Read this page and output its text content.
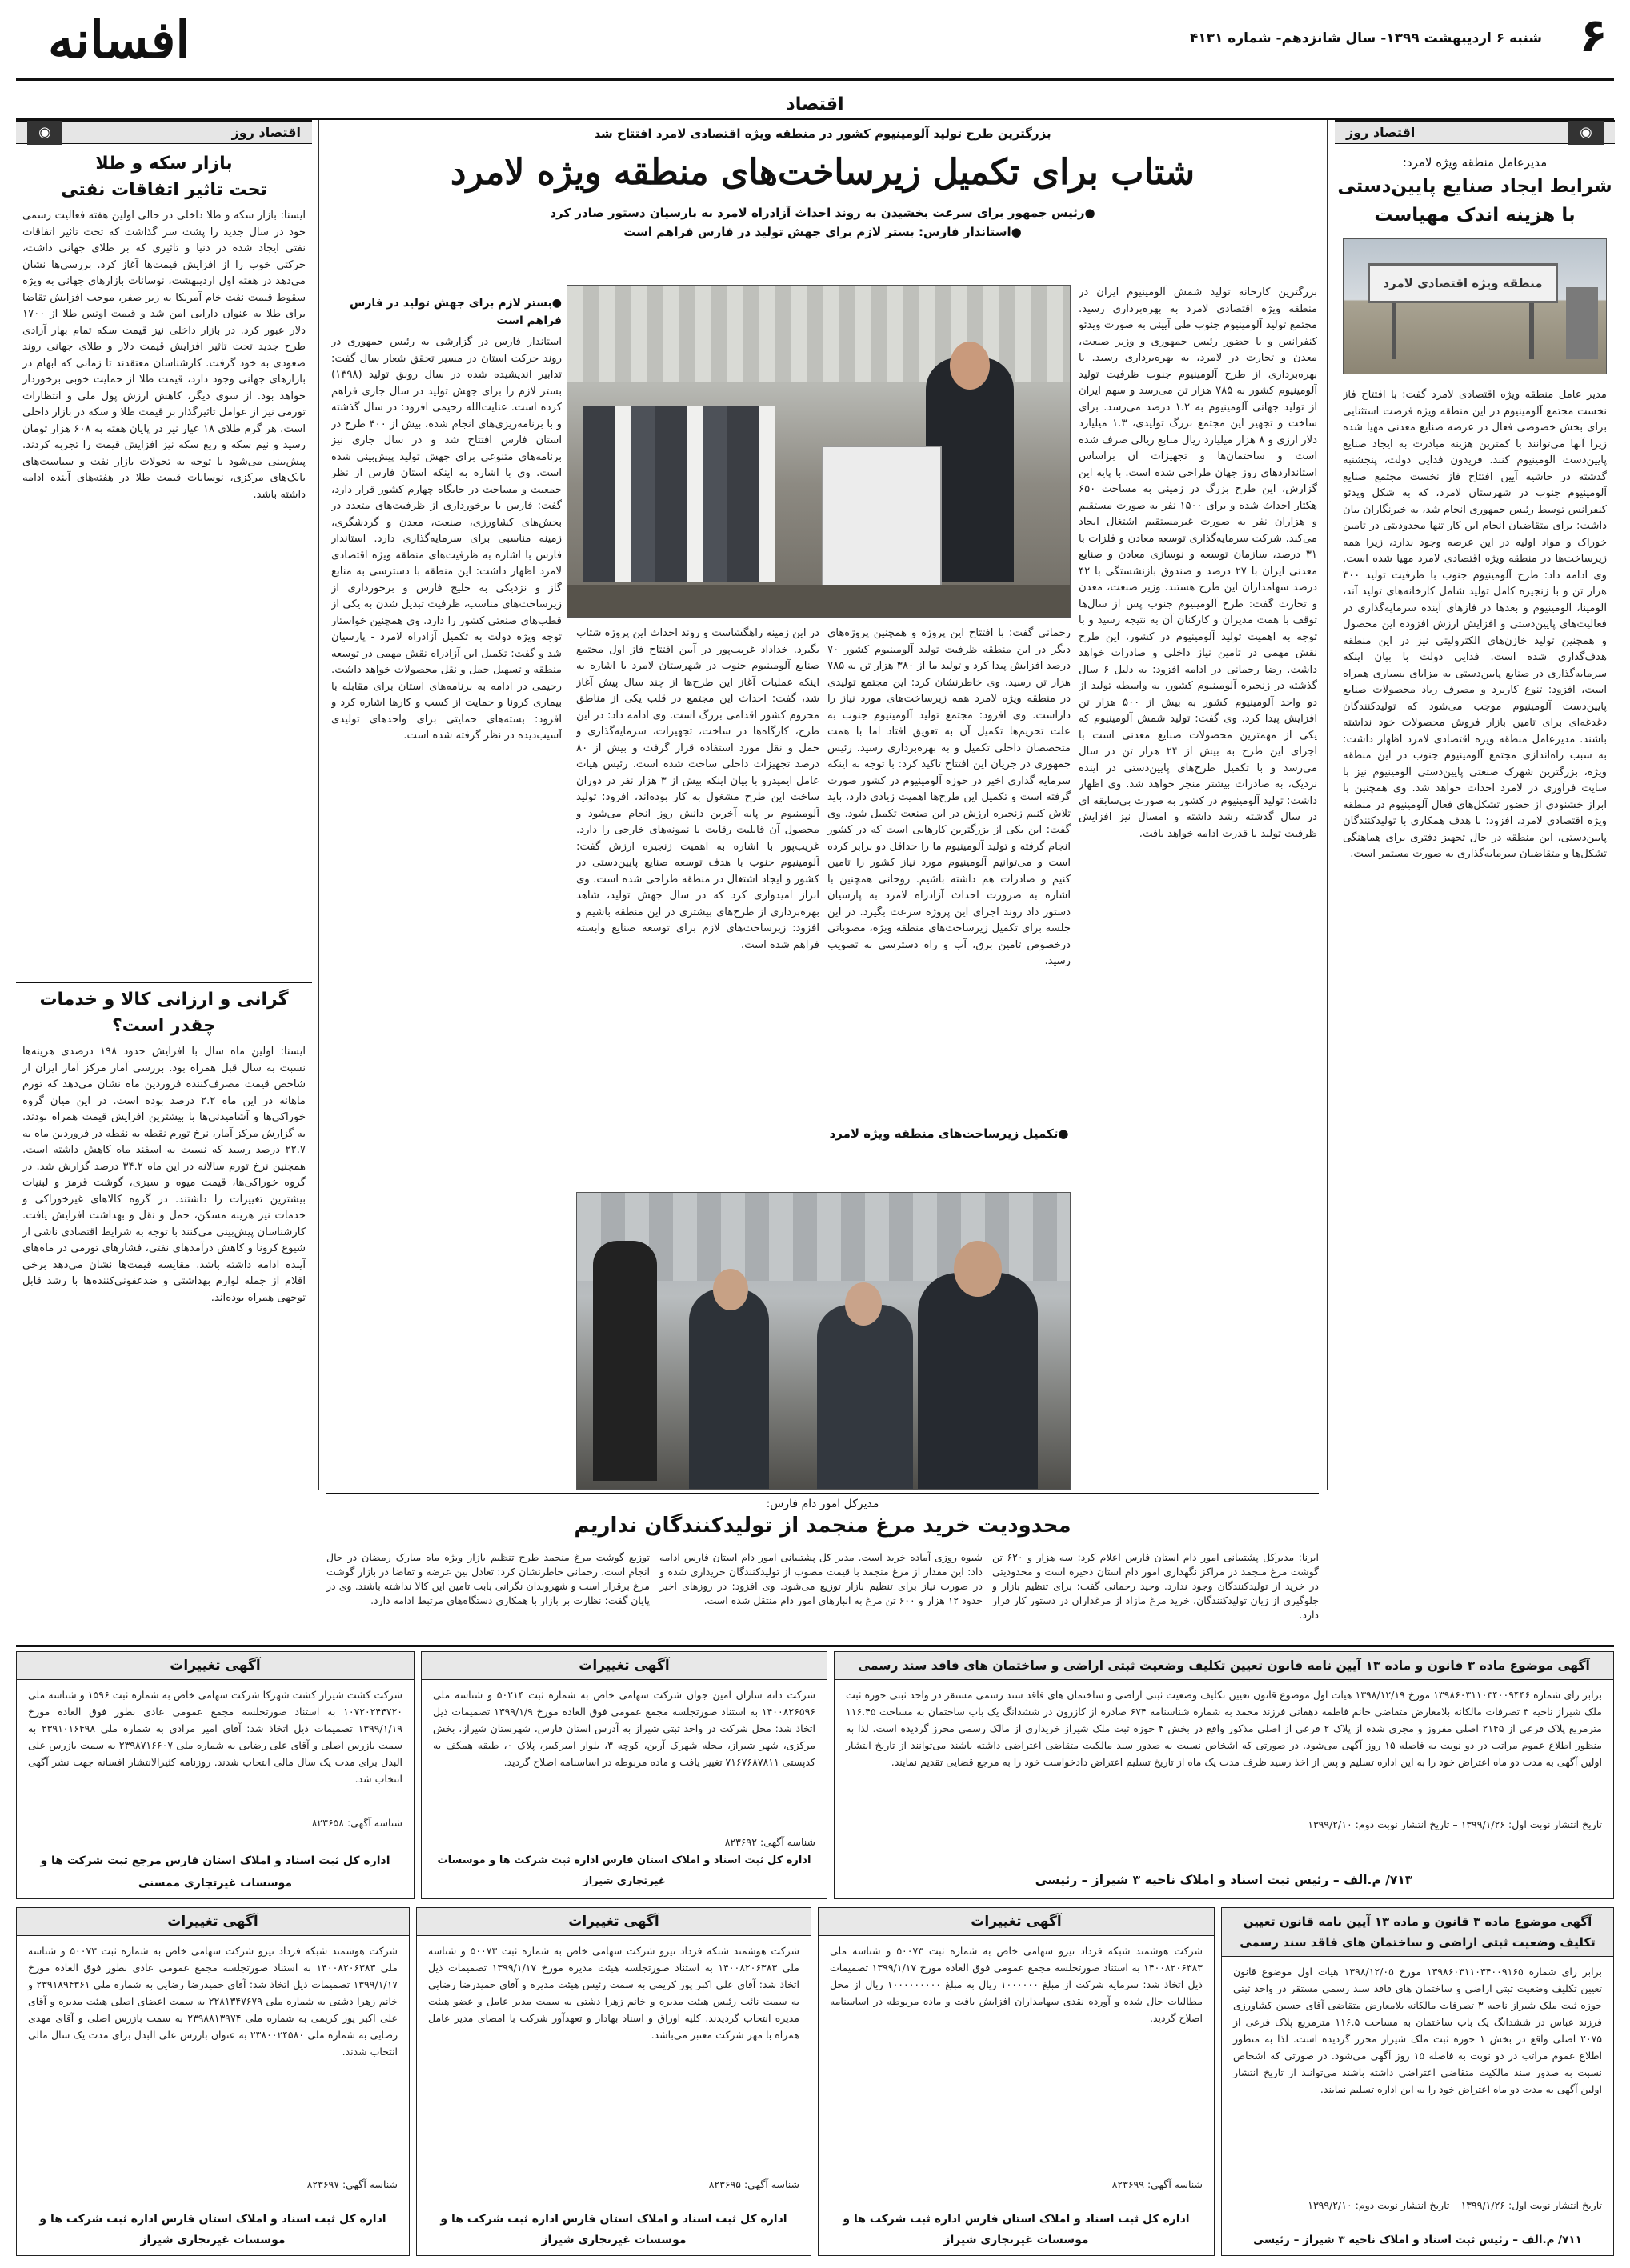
۶
شنبه ۶ اردیبهشت ۱۳۹۹- سال شانزدهم- شماره ۴۱۳۱
اقتصاد
افسانه
◉
اقتصاد روز
مدیرعامل منطقه ویژه لامرد:
شرایط ایجاد صنایع پایین‌دستی
با هزینه اندک مهیاست
منطقه ویژه اقتصادی لامرد
مدیر عامل منطقه ویژه اقتصادی لامرد گفت: با افتتاح فاز نخست مجتمع آلومینیوم در این منطقه ویژه فرصت استثنایی برای بخش خصوصی فعال در عرصه صنایع معدنی مهیا شده زیرا آنها می‌توانند با کمترین هزینه مبادرت به ایجاد صنایع پایین‌دست آلومینیوم کنند. فریدون فدایی دولت، پنجشنبه گذشته در حاشیه آیین افتتاح فاز نخست مجتمع صنایع آلومینیوم جنوب در شهرستان لامرد، که به شکل ویدئو کنفرانس توسط رئیس جمهوری انجام شد، به خبرنگاران بیان داشت: برای متقاضیان انجام این کار تنها محدودیتی در تامین خوراک و مواد اولیه در این عرصه وجود ندارد، زیرا همه زیرساخت‌ها در منطقه ویژه اقتصادی لامرد مهیا شده است. وی ادامه داد: طرح آلومینیوم جنوب با ظرفیت تولید ۳۰۰ هزار تن و با زنجیره کامل تولید شامل کارخانه‌های تولید آند، آلومینا، آلومینیوم و بعدها در فازهای آینده سرمایه‌گذاری در فعالیت‌های پایین‌دستی و افزایش ارزش افزوده این محصول و همچنین تولید خازن‌های الکترولیتی نیز در این منطقه هدف‌گذاری شده است. فدایی دولت با بیان اینکه سرمایه‌گذاری در صنایع پایین‌دستی به مزایای بسیاری همراه است، افزود: تنوع کاربرد و مصرف زیاد محصولات صنایع پایین‌دست آلومینیوم موجب می‌شود که تولیدکنندگان دغدغه‌ای برای تامین بازار فروش محصولات خود نداشته باشند. مدیرعامل منطقه ویژه اقتصادی لامرد اظهار داشت: به سبب راه‌اندازی مجتمع آلومینیوم جنوب در این منطقه ویژه، بزرگترین شهرک صنعتی پایین‌دستی آلومینیوم نیز با سایت فرآوری در لامرد احداث خواهد شد. وی همچنین با ابراز خشنودی از حضور تشکل‌های فعال آلومینیوم در منطقه ویژه اقتصادی لامرد، افزود: با هدف همکاری با تولیدکنندگان پایین‌دستی، این منطقه در حال تجهیز دفتری برای هماهنگی تشکل‌ها و متقاضیان سرمایه‌گذاری به صورت مستمر است.
اقتصاد روز
◉
بازار سکه و طلا
تحت تاثیر اتفاقات نفتی
ایسنا: بازار سکه و طلا داخلی در حالی اولین هفته فعالیت رسمی خود در سال جدید را پشت سر گذاشت که تحت تاثیر اتفاقات نفتی ایجاد شده در دنیا و تاثیری که بر طلای جهانی داشت، حرکتی خوب را از افزایش قیمت‌ها آغاز کرد. بررسی‌ها نشان می‌دهد در هفته اول اردیبهشت، نوسانات بازارهای جهانی به ویژه سقوط قیمت نفت خام آمریکا به زیر صفر، موجب افزایش تقاضا برای طلا به عنوان دارایی امن شد و قیمت اونس طلا از ۱۷۰۰ دلار عبور کرد. در بازار داخلی نیز قیمت سکه تمام بهار آزادی طرح جدید تحت تاثیر افزایش قیمت دلار و طلای جهانی روند صعودی به خود گرفت. کارشناسان معتقدند تا زمانی که ابهام در بازارهای جهانی وجود دارد، قیمت طلا از حمایت خوبی برخوردار خواهد بود. از سوی دیگر، کاهش ارزش پول ملی و انتظارات تورمی نیز از عوامل تاثیرگذار بر قیمت طلا و سکه در بازار داخلی است. هر گرم طلای ۱۸ عیار نیز در پایان هفته به ۶۰۸ هزار تومان رسید و نیم سکه و ربع سکه نیز افزایش قیمت را تجربه کردند. پیش‌بینی می‌شود با توجه به تحولات بازار نفت و سیاست‌های بانک‌های مرکزی، نوسانات قیمت طلا در هفته‌های آینده ادامه داشته باشد.
گرانی و ارزانی کالا و خدمات
چقدر است؟
ایسنا: اولین ماه سال با افزایش حدود ۱۹۸ درصدی هزینه‌ها نسبت به سال قبل همراه بود. بررسی آمار مرکز آمار ایران از شاخص قیمت مصرف‌کننده فروردین ماه نشان می‌دهد که تورم ماهانه در این ماه ۲.۲ درصد بوده است. در این میان گروه خوراکی‌ها و آشامیدنی‌ها با بیشترین افزایش قیمت همراه بودند. به گزارش مرکز آمار، نرخ تورم نقطه به نقطه در فروردین ماه به ۲۲.۷ درصد رسید که نسبت به اسفند ماه کاهش داشته است. همچنین نرخ تورم سالانه در این ماه ۳۴.۲ درصد گزارش شد. در گروه خوراکی‌ها، قیمت میوه و سبزی، گوشت قرمز و لبنیات بیشترین تغییرات را داشتند. در گروه کالاهای غیرخوراکی و خدمات نیز هزینه مسکن، حمل و نقل و بهداشت افزایش یافت. کارشناسان پیش‌بینی می‌کنند با توجه به شرایط اقتصادی ناشی از شیوع کرونا و کاهش درآمدهای نفتی، فشارهای تورمی در ماه‌های آینده ادامه داشته باشد. مقایسه قیمت‌ها نشان می‌دهد برخی اقلام از جمله لوازم بهداشتی و ضدعفونی‌کننده‌ها با رشد قابل توجهی همراه بوده‌اند.
بزرگترین طرح تولید آلومینیوم کشور در منطقه ویژه اقتصادی لامرد افتتاح شد
شتاب برای تکمیل زیرساخت‌های منطقه ویژه لامرد
●رئیس جمهور برای سرعت بخشیدن به روند احداث آزادراه لامرد به پارسیان دستور صادر کرد
●استاندار فارس: بستر لازم برای جهش تولید در فارس فراهم است
بزرگترین کارخانه تولید شمش آلومینیوم ایران در منطقه ویژه اقتصادی لامرد به بهره‌برداری رسید. مجتمع تولید آلومینیوم جنوب طی آیینی به صورت ویدئو کنفرانس و با حضور رئیس جمهوری و وزیر صنعت، معدن و تجارت در لامرد، به بهره‌برداری رسید. با بهره‌برداری از طرح آلومینیوم جنوب ظرفیت تولید آلومینیوم کشور به ۷۸۵ هزار تن می‌رسد و سهم ایران از تولید جهانی آلومینیوم به ۱.۲ درصد می‌رسد. برای ساخت و تجهیز این مجتمع بزرگ تولیدی، ۱.۳ میلیارد دلار ارزی و ۸ هزار میلیارد ریال منابع ریالی صرف شده است و ساختمان‌ها و تجهیزات آن براساس استانداردهای روز جهان طراحی شده است. با پایه این گزارش، این طرح بزرگ در زمینی به مساحت ۶۵۰ هکتار احداث شده و برای ۱۵۰۰ نفر به صورت مستقیم و هزاران نفر به صورت غیرمستقیم اشتغال ایجاد می‌کند. شرکت سرمایه‌گذاری توسعه معادن و فلزات با ۳۱ درصد، سازمان توسعه و نوسازی معادن و صنایع معدنی ایران با ۲۷ درصد و صندوق بازنشستگی با ۴۲ درصد سهامداران این طرح هستند. وزیر صنعت، معدن و تجارت گفت: طرح آلومینیوم جنوب پس از سال‌ها توقف با همت مدیران و کارکنان آن به نتیجه رسید و با توجه به اهمیت تولید آلومینیوم در کشور، این طرح نقش مهمی در تامین نیاز داخلی و صادرات خواهد داشت. رضا رحمانی در ادامه افزود: به دلیل ۶ سال گذشته در زنجیره آلومینیوم کشور، به واسطه تولید از دو واحد آلومینیوم کشور به بیش از ۵۰۰ هزار تن افزایش پیدا کرد. وی گفت: تولید شمش آلومینیوم که یکی از مهمترین محصولات صنایع معدنی است با اجرای این طرح به بیش از ۲۴ هزار تن در سال می‌رسد و با تکمیل طرح‌های پایین‌دستی در آینده نزدیک، به صادرات بیشتر منجر خواهد شد. وی اظهار داشت: تولید آلومینیوم در کشور به صورت بی‌سابقه ای در سال گذشته رشد داشته و امسال نیز افزایش ظرفیت تولید با قدرت ادامه خواهد یافت.
رحمانی گفت: با افتتاح این پروژه و همچنین پروژه‌های دیگر در این منطقه ظرفیت تولید آلومینیوم کشور ۷۰ درصد افزایش پیدا کرد و تولید ما از ۳۸۰ هزار تن به ۷۸۵ هزار تن رسید. وی خاطرنشان کرد: این مجتمع تولیدی در منطقه ویژه لامرد همه زیرساخت‌های مورد نیاز را داراست. وی افزود: مجتمع تولید آلومینیوم جنوب به علت تحریم‌ها تکمیل آن به تعویق افتاد اما با همت متخصصان داخلی تکمیل و به بهره‌برداری رسید. رئیس جمهوری در جریان این افتتاح تاکید کرد: با توجه به اینکه سرمایه گذاری اخیر در حوزه آلومینیوم در کشور صورت گرفته است و تکمیل این طرح‌ها اهمیت زیادی دارد، باید تلاش کنیم زنجیره ارزش در این صنعت تکمیل شود. وی گفت: این یکی از بزرگترین کارهایی است که در کشور انجام گرفته و تولید آلومینیوم ما را حداقل دو برابر کرده است و می‌توانیم آلومینیوم مورد نیاز کشور را تامین کنیم و صادرات هم داشته باشیم. روحانی همچنین با اشاره به ضرورت احداث آزادراه لامرد به پارسیان دستور داد روند اجرای این پروژه سرعت بگیرد. در این جلسه برای تکمیل زیرساخت‌های منطقه ویژه، مصوباتی درخصوص تامین برق، آب و راه دسترسی به تصویب رسید.
در این زمینه راهگشاست و روند احداث این پروژه شتاب بگیرد. خداداد غریب‌پور در آیین افتتاح فاز اول مجتمع صنایع آلومینیوم جنوب در شهرستان لامرد با اشاره به اینکه عملیات آغاز این طرح‌ها از چند سال پیش آغاز شد، گفت: احداث این مجتمع در قلب یکی از مناطق محروم کشور اقدامی بزرگ است. وی ادامه داد: در این طرح، کارگاه‌ها در ساخت، تجهیزات، سرمایه‌گذاری و حمل و نقل مورد استفاده قرار گرفت و بیش از ۸۰ درصد تجهیزات داخلی ساخت شده است. رئیس هیات عامل ایمیدرو با بیان اینکه بیش از ۳ هزار نفر در دوران ساخت این طرح مشغول به کار بوده‌اند، افزود: تولید آلومینیوم بر پایه آخرین دانش روز انجام می‌شود و محصول آن قابلیت رقابت با نمونه‌های خارجی را دارد. غریب‌پور با اشاره به اهمیت زنجیره ارزش گفت: آلومینیوم جنوب با هدف توسعه صنایع پایین‌دستی در کشور و ایجاد اشتغال در منطقه طراحی شده است. وی ابراز امیدواری کرد که در سال جهش تولید، شاهد بهره‌برداری از طرح‌های بیشتری در این منطقه باشیم و افزود: زیرساخت‌های لازم برای توسعه صنایع وابسته فراهم شده است.
●بستر لازم برای جهش تولید در فارس فراهم است
استاندار فارس در گزارشی به رئیس جمهوری در روند حرکت استان در مسیر تحقق شعار سال گفت: تدابیر اندیشیده شده در سال رونق تولید (۱۳۹۸) بستر لازم را برای جهش تولید در سال جاری فراهم کرده است. عنایت‌الله رحیمی افزود: در سال گذشته و با برنامه‌ریزی‌های انجام شده، بیش از ۴۰۰ طرح در استان فارس افتتاح شد و در سال جاری نیز برنامه‌های متنوعی برای جهش تولید پیش‌بینی شده است. وی با اشاره به اینکه استان فارس از نظر جمعیت و مساحت در جایگاه چهارم کشور قرار دارد، گفت: فارس با برخورداری از ظرفیت‌های متعدد در بخش‌های کشاورزی، صنعت، معدن و گردشگری، زمینه مناسبی برای سرمایه‌گذاری دارد. استاندار فارس با اشاره به ظرفیت‌های منطقه ویژه اقتصادی لامرد اظهار داشت: این منطقه با دسترسی به منابع گاز و نزدیکی به خلیج فارس و برخورداری از زیرساخت‌های مناسب، ظرفیت تبدیل شدن به یکی از قطب‌های صنعتی کشور را دارد. وی همچنین خواستار توجه ویژه دولت به تکمیل آزادراه لامرد - پارسیان شد و گفت: تکمیل این آزادراه نقش مهمی در توسعه منطقه و تسهیل حمل و نقل محصولات خواهد داشت. رحیمی در ادامه به برنامه‌های استان برای مقابله با بیماری کرونا و حمایت از کسب و کارها اشاره کرد و افزود: بسته‌های حمایتی برای واحدهای تولیدی آسیب‌دیده در نظر گرفته شده است.
●تکمیل زیرساخت‌های منطقه ویژه لامرد
مدیرکل امور دام فارس:
محدودیت خرید مرغ منجمد از تولیدکنندگان نداریم
ایرنا: مدیرکل پشتیبانی امور دام استان فارس اعلام کرد: سه هزار و ۶۲۰ تن گوشت مرغ منجمد در مراکز نگهداری امور دام استان ذخیره است و محدودیتی در خرید از تولیدکنندگان وجود ندارد. وحید رحمانی گفت: برای تنظیم بازار و جلوگیری از زیان تولیدکنندگان، خرید مرغ مازاد از مرغداران در دستور کار قرار دارد.
شیوه روزی آماده خرید است. مدیر کل پشتیبانی امور دام استان فارس ادامه داد: این مقدار از مرغ منجمد با قیمت مصوب از تولیدکنندگان خریداری شده و در صورت نیاز برای تنظیم بازار توزیع می‌شود. وی افزود: در روزهای اخیر حدود ۱۲ هزار و ۶۰۰ تن مرغ به انبارهای امور دام منتقل شده است.
توزیع گوشت مرغ منجمد طرح تنظیم بازار ویژه ماه مبارک رمضان در حال انجام است. رحمانی خاطرنشان کرد: تعادل بین عرضه و تقاضا در بازار گوشت مرغ برقرار است و شهروندان نگرانی بابت تامین این کالا نداشته باشند. وی در پایان گفت: نظارت بر بازار با همکاری دستگاه‌های مرتبط ادامه دارد.
آگهی موضوع ماده ۳ قانون و ماده ۱۳ آیین نامه قانون تعیین تکلیف وضعیت ثبتی اراضی و ساختمان های فاقد سند رسمی
برابر رای شماره ۱۳۹۸۶۰۳۱۱۰۳۴۰۰۹۴۴۶ مورخ ۱۳۹۸/۱۲/۱۹ هیات اول موضوع قانون تعیین تکلیف وضعیت ثبتی اراضی و ساختمان های فاقد سند رسمی مستقر در واحد ثبتی حوزه ثبت ملک شیراز ناحیه ۳ تصرفات مالکانه بلامعارض متقاضی خانم فاطمه دهقانی فرزند محمد به شماره شناسنامه ۶۷۴ صادره از کازرون در ششدانگ یک باب ساختمان به مساحت ۱۱۶.۴۵ مترمربع پلاک فرعی از ۲۱۴۵ اصلی مفروز و مجزی شده از پلاک ۲ فرعی از اصلی مذکور واقع در بخش ۴ حوزه ثبت ملک شیراز خریداری از مالک رسمی محرز گردیده است. لذا به منظور اطلاع عموم مراتب در دو نوبت به فاصله ۱۵ روز آگهی می‌شود. در صورتی که اشخاص نسبت به صدور سند مالکیت متقاضی اعتراضی داشته باشند می‌توانند از تاریخ انتشار اولین آگهی به مدت دو ماه اعتراض خود را به این اداره تسلیم و پس از اخذ رسید ظرف مدت یک ماه از تاریخ تسلیم اعتراض دادخواست خود را به مرجع قضایی تقدیم نمایند.
تاریخ انتشار نوبت اول: ۱۳۹۹/۱/۲۶ – تاریخ انتشار نوبت دوم: ۱۳۹۹/۲/۱۰
۷۱۳/ م.الف – رئیس ثبت اسناد و املاک ناحیه ۳ شیراز – رئیسی
آگهی تغییرات
شرکت دانه سازان امین جوان شرکت سهامی خاص به شماره ثبت ۵۰۲۱۴ و شناسه ملی ۱۴۰۰۸۲۶۵۹۶ به استناد صورتجلسه مجمع عمومی فوق العاده مورخ ۱۳۹۹/۱/۹ تصمیمات ذیل اتخاذ شد: محل شرکت در واحد ثبتی شیراز به آدرس استان فارس، شهرستان شیراز، بخش مرکزی، شهر شیراز، محله شهرک آرین، کوچه ۳، بلوار امیرکبیر، پلاک ۰، طبقه همکف به کدپستی ۷۱۶۷۶۸۷۸۱۱ تغییر یافت و ماده مربوطه در اساسنامه اصلاح گردید.
شناسه آگهی: ۸۲۳۶۹۲
اداره کل ثبت اسناد و املاک استان فارس اداره ثبت شرکت ها و موسسات غیرتجاری شیراز
آگهی تغییرات
شرکت کشت شیراز کشت شهرکا شرکت سهامی خاص به شماره ثبت ۱۵۹۶ و شناسه ملی ۱۰۷۲۰۲۴۴۷۲۰ به استناد صورتجلسه مجمع عمومی عادی بطور فوق العاده مورخ ۱۳۹۹/۱/۱۹ تصمیمات ذیل اتخاذ شد: آقای امیر مرادی به شماره ملی ۲۳۹۱۰۱۶۴۹۸ به سمت بازرس اصلی و آقای علی رضایی به شماره ملی ۲۳۹۸۷۱۶۶۰۷ به سمت بازرس علی البدل برای مدت یک سال مالی انتخاب شدند. روزنامه کثیرالانتشار افسانه جهت نشر آگهی انتخاب شد.
شناسه آگهی: ۸۲۳۶۵۸
اداره کل ثبت اسناد و املاک استان فارس مرجع ثبت شرکت ها و
موسسات غیرتجاری ممسنی
آگهی موضوع ماده ۳ قانون و ماده ۱۳ آیین نامه قانون تعیین تکلیف وضعیت ثبتی اراضی و ساختمان های فاقد سند رسمی
برابر رای شماره ۱۳۹۸۶۰۳۱۱۰۳۴۰۰۹۱۶۵ مورخ ۱۳۹۸/۱۲/۰۵ هیات اول موضوع قانون تعیین تکلیف وضعیت ثبتی اراضی و ساختمان های فاقد سند رسمی مستقر در واحد ثبتی حوزه ثبت ملک شیراز ناحیه ۳ تصرفات مالکانه بلامعارض متقاضی آقای حسین کشاورزی فرزند عباس در ششدانگ یک باب ساختمان به مساحت ۱۱۶.۵ مترمربع پلاک فرعی از ۲۰۷۵ اصلی واقع در بخش ۱ حوزه ثبت ملک شیراز محرز گردیده است. لذا به منظور اطلاع عموم مراتب در دو نوبت به فاصله ۱۵ روز آگهی می‌شود. در صورتی که اشخاص نسبت به صدور سند مالکیت متقاضی اعتراضی داشته باشند می‌توانند از تاریخ انتشار اولین آگهی به مدت دو ماه اعتراض خود را به این اداره تسلیم نمایند.
تاریخ انتشار نوبت اول: ۱۳۹۹/۱/۲۶ – تاریخ انتشار نوبت دوم: ۱۳۹۹/۲/۱۰
۷۱۱/ م.الف – رئیس ثبت اسناد و املاک ناحیه ۳ شیراز – رئیسی
آگهی تغییرات
شرکت هوشمند شبکه فرداد نیرو سهامی خاص به شماره ثبت ۵۰۰۷۳ و شناسه ملی ۱۴۰۰۸۲۰۶۳۸۳ به استناد صورتجلسه مجمع عمومی فوق العاده مورخ ۱۳۹۹/۱/۱۷ تصمیمات ذیل اتخاذ شد: سرمایه شرکت از مبلغ ۱۰۰۰۰۰۰ ریال به مبلغ ۱۰۰۰۰۰۰۰۰۰ ریال از محل مطالبات حال شده و آورده نقدی سهامداران افزایش یافت و ماده مربوطه در اساسنامه اصلاح گردید.
شناسه آگهی: ۸۲۳۶۹۹
اداره کل ثبت اسناد و املاک استان فارس اداره ثبت شرکت ها و
موسسات غیرتجاری شیراز
آگهی تغییرات
شرکت هوشمند شبکه فرداد نیرو شرکت سهامی خاص به شماره ثبت ۵۰۰۷۳ و شناسه ملی ۱۴۰۰۸۲۰۶۳۸۳ به استناد صورتجلسه هیئت مدیره مورخ ۱۳۹۹/۱/۱۷ تصمیمات ذیل اتخاذ شد: آقای علی اکبر پور کریمی به سمت رئیس هیئت مدیره و آقای حمیدرضا رضایی به سمت نائب رئیس هیئت مدیره و خانم زهرا دشتی به سمت مدیر عامل و عضو هیئت مدیره انتخاب گردیدند. کلیه اوراق و اسناد بهادار و تعهدآور شرکت با امضای مدیر عامل همراه با مهر شرکت معتبر می‌باشد.
شناسه آگهی: ۸۲۳۶۹۵
اداره کل ثبت اسناد و املاک استان فارس اداره ثبت شرکت ها و
موسسات غیرتجاری شیراز
آگهی تغییرات
شرکت هوشمند شبکه فرداد نیرو شرکت سهامی خاص به شماره ثبت ۵۰۰۷۳ و شناسه ملی ۱۴۰۰۸۲۰۶۳۸۳ به استناد صورتجلسه مجمع عمومی عادی بطور فوق العاده مورخ ۱۳۹۹/۱/۱۷ تصمیمات ذیل اتخاذ شد: آقای حمیدرضا رضایی به شماره ملی ۲۳۹۱۸۹۴۳۶۱ و خانم زهرا دشتی به شماره ملی ۲۲۸۱۳۴۷۶۷۹ به سمت اعضای اصلی هیئت مدیره و آقای علی اکبر پور کریمی به شماره ملی ۲۳۹۸۸۱۳۹۷۴ به سمت بازرس اصلی و آقای مهدی رضایی به شماره ملی ۲۳۸۰۰۲۴۵۸۰ به عنوان بازرس علی البدل برای مدت یک سال مالی انتخاب شدند.
شناسه آگهی: ۸۲۳۶۹۷
اداره کل ثبت اسناد و املاک استان فارس اداره ثبت شرکت ها و
موسسات غیرتجاری شیراز
